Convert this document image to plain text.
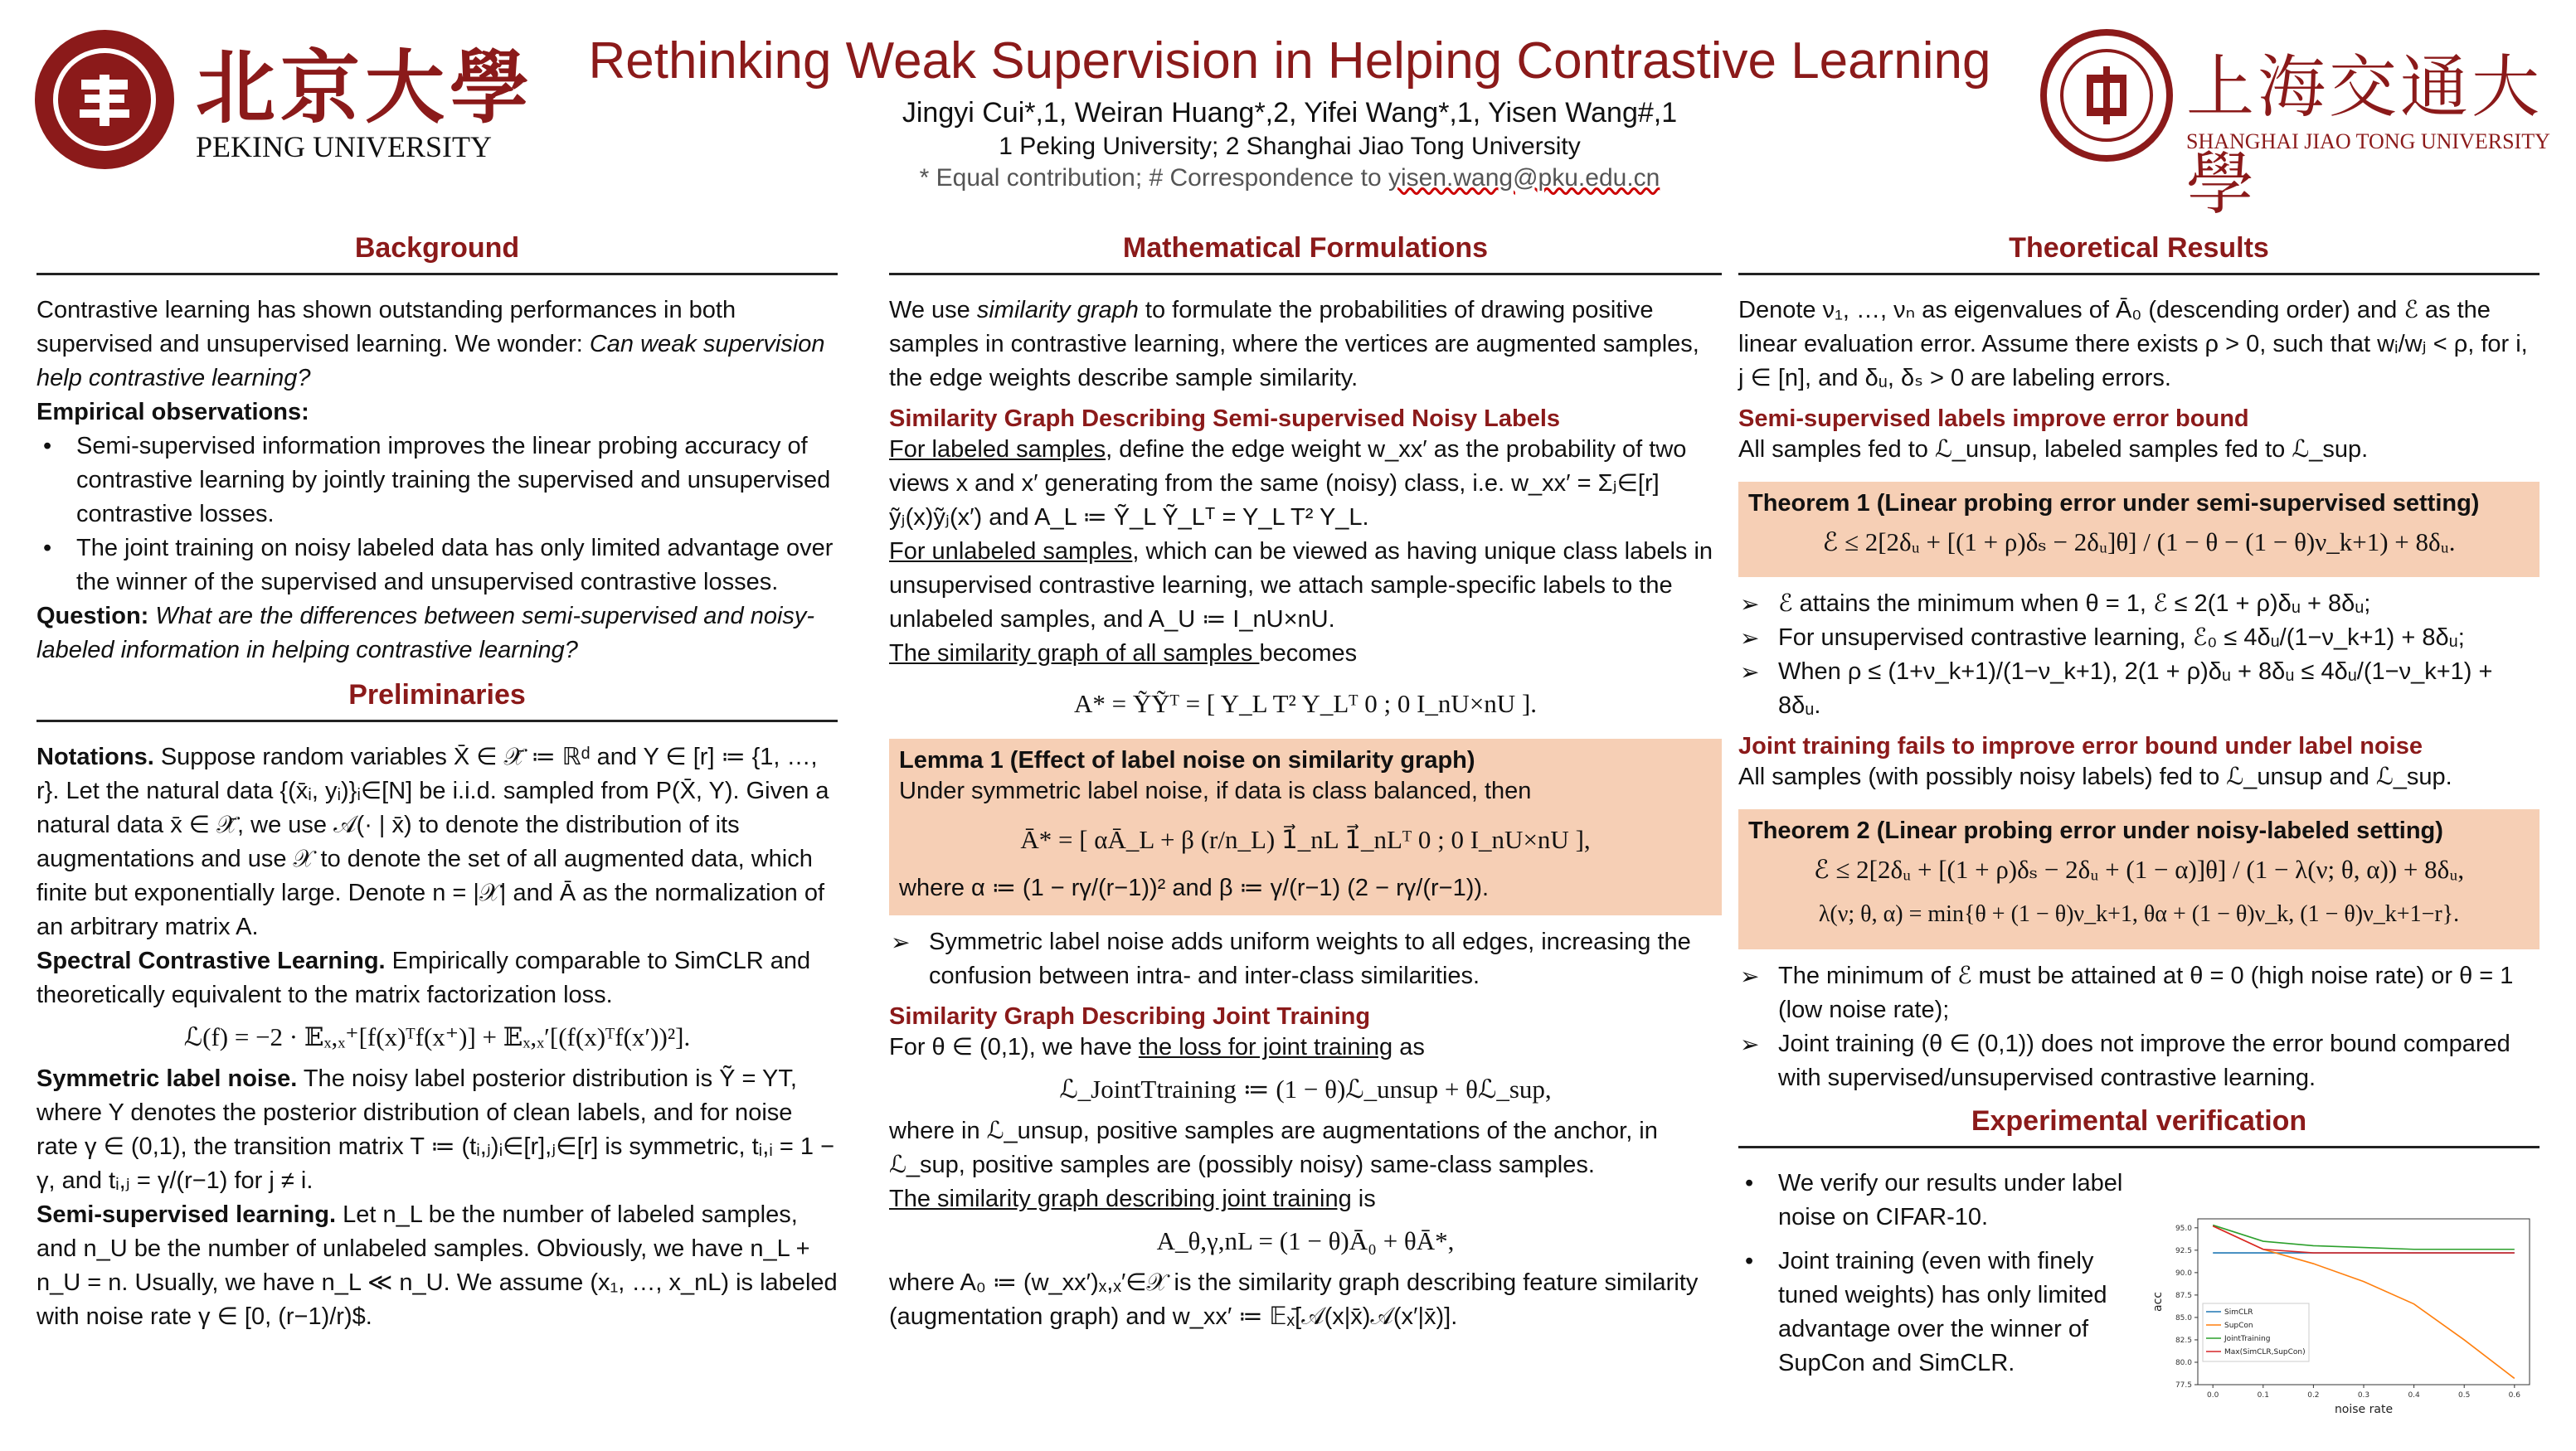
北京大學
PEKING UNIVERSITY
Rethinking Weak Supervision in Helping Contrastive Learning
Jingyi Cui*,1, Weiran Huang*,2, Yifei Wang*,1, Yisen Wang#,1
1 Peking University; 2 Shanghai Jiao Tong University
* Equal contribution; # Correspondence to yisen.wang@pku.edu.cn
上海交通大學
SHANGHAI JIAO TONG UNIVERSITY
Background

Contrastive learning has shown outstanding performances in both supervised and unsupervised learning. We wonder: Can weak supervision help contrastive learning?

Empirical observations:

• Semi-supervised information improves the linear probing accuracy of contrastive learning by jointly training the supervised and unsupervised contrastive losses.
• The joint training on noisy labeled data has only limited advantage over the winner of the supervised and unsupervised contrastive losses.

Question: What are the differences between semi-supervised and noisy-labeled information in helping contrastive learning?

Preliminaries

Notations. Suppose random variables X̄ ∈ 𝒳̄ ≔ ℝᵈ and Y ∈ [r] ≔ {1, …, r}. Let the natural data {(x̄ᵢ, yᵢ)}ᵢ∈[N] be i.i.d. sampled from P(X̄, Y). Given a natural data x̄ ∈ 𝒳̄, we use 𝒜(· | x̄) to denote the distribution of its augmentations and use 𝒳 to denote the set of all augmented data, which finite but exponentially large. Denote n = |𝒳| and Ā as the normalization of an arbitrary matrix A.

Spectral Contrastive Learning. Empirically comparable to SimCLR and theoretically equivalent to the matrix factorization loss.

ℒ(f) = −2 · 𝔼ₓ,ₓ⁺[f(x)ᵀf(x⁺)] + 𝔼ₓ,ₓ′[(f(x)ᵀf(x′))²].

Symmetric label noise. The noisy label posterior distribution is Ỹ = YT, where Y denotes the posterior distribution of clean labels, and for noise rate γ ∈ (0,1), the transition matrix T ≔ (tᵢ,ⱼ)ᵢ∈[r],ⱼ∈[r] is symmetric, tᵢ,ᵢ = 1 − γ, and tᵢ,ⱼ = γ/(r−1) for j ≠ i.

Semi-supervised learning. Let n_L be the number of labeled samples, and n_U be the number of unlabeled samples. Obviously, we have n_L + n_U = n. Usually, we have n_L ≪ n_U. We assume (x₁, …, x_nL) is labeled with noise rate γ ∈ [0, (r−1)/r)$.

Mathematical Formulations

We use similarity graph to formulate the probabilities of drawing positive samples in contrastive learning, where the vertices are augmented samples, the edge weights describe sample similarity.

Similarity Graph Describing Semi-supervised Noisy Labels

For labeled samples, define the edge weight w_xx′ as the probability of two views x and x′ generating from the same (noisy) class, i.e. w_xx′ = Σⱼ∈[r] ỹⱼ(x)ỹⱼ(x′) and A_L ≔ Ỹ_L Ỹ_Lᵀ = Y_L T² Y_L.

For unlabeled samples, which can be viewed as having unique class labels in unsupervised contrastive learning, we attach sample-specific labels to the unlabeled samples, and A_U ≔ I_nU×nU.

The similarity graph of all samples becomes

A* = ỸỸᵀ = [ Y_L T² Y_Lᵀ 0 ; 0 I_nU×nU ].
Lemma 1 (Effect of label noise on similarity graph)

Under symmetric label noise, if data is class balanced, then

Ā* = [ αĀ_L + β (r/n_L) 1⃗_nL 1⃗_nLᵀ 0 ; 0 I_nU×nU ],

where α ≔ (1 − rγ/(r−1))² and β ≔ γ/(r−1) (2 − rγ/(r−1)).

➢ Symmetric label noise adds uniform weights to all edges, increasing the confusion between intra- and inter-class similarities.
Similarity Graph Describing Joint Training

For θ ∈ (0,1), we have the loss for joint training as

ℒ_JointTtraining ≔ (1 − θ)ℒ_unsup + θℒ_sup,

where in ℒ_unsup, positive samples are augmentations of the anchor, in ℒ_sup, positive samples are (possibly noisy) same-class samples.

The similarity graph describing joint training is

A_θ,γ,nL = (1 − θ)Ā₀ + θĀ*,

where A₀ ≔ (w_xx′)ₓ,ₓ′∈𝒳 is the similarity graph describing feature similarity (augmentation graph) and w_xx′ ≔ 𝔼ₓ̄[𝒜(x|x̄)𝒜(x′|x̄)].

Theoretical Results

Denote ν₁, …, νₙ as eigenvalues of Ā₀ (descending order) and ℰ as the linear evaluation error. Assume there exists ρ > 0, such that wᵢ/wⱼ < ρ, for i, j ∈ [n], and δᵤ, δₛ > 0 are labeling errors.

Semi-supervised labels improve error bound

All samples fed to ℒ_unsup, labeled samples fed to ℒ_sup.

Theorem 1 (Linear probing error under semi-supervised setting)
ℰ ≤ 2[2δᵤ + [(1 + ρ)δₛ − 2δᵤ]θ] / (1 − θ − (1 − θ)ν_k+1) + 8δᵤ.
➢ ℰ attains the minimum when θ = 1, ℰ ≤ 2(1 + ρ)δᵤ + 8δᵤ;
➢ For unsupervised contrastive learning, ℰ₀ ≤ 4δᵤ/(1−ν_k+1) + 8δᵤ;
➢ When ρ ≤ (1+ν_k+1)/(1−ν_k+1), 2(1 + ρ)δᵤ + 8δᵤ ≤ 4δᵤ/(1−ν_k+1) + 8δᵤ.
Joint training fails to improve error bound under label noise

All samples (with possibly noisy labels) fed to ℒ_unsup and ℒ_sup.

Theorem 2 (Linear probing error under noisy-labeled setting)
ℰ ≤ 2[2δᵤ + [(1 + ρ)δₛ − 2δᵤ + (1 − α)]θ] / (1 − λ(ν; θ, α)) + 8δᵤ,
λ(ν; θ, α) = min{θ + (1 − θ)ν_k+1, θα + (1 − θ)ν_k, (1 − θ)ν_k+1−r}.
➢ The minimum of ℰ must be attained at θ = 0 (high noise rate) or θ = 1 (low noise rate);
➢ Joint training (θ ∈ (0,1)) does not improve the error bound compared with supervised/unsupervised contrastive learning.
Experimental verification
• We verify our results under label noise on CIFAR-10.
• Joint training (even with finely tuned weights) has only limited advantage over the winner of SupCon and SimCLR.
77.5
80.0
82.5
85.0
87.5
90.0
92.5
95.0
0.0	0.1	0.2	0.3	0.4	0.5	0.6
noise rate
acc
SimCLR
SupCon
JointTraining
Max(SimCLR,SupCon)
